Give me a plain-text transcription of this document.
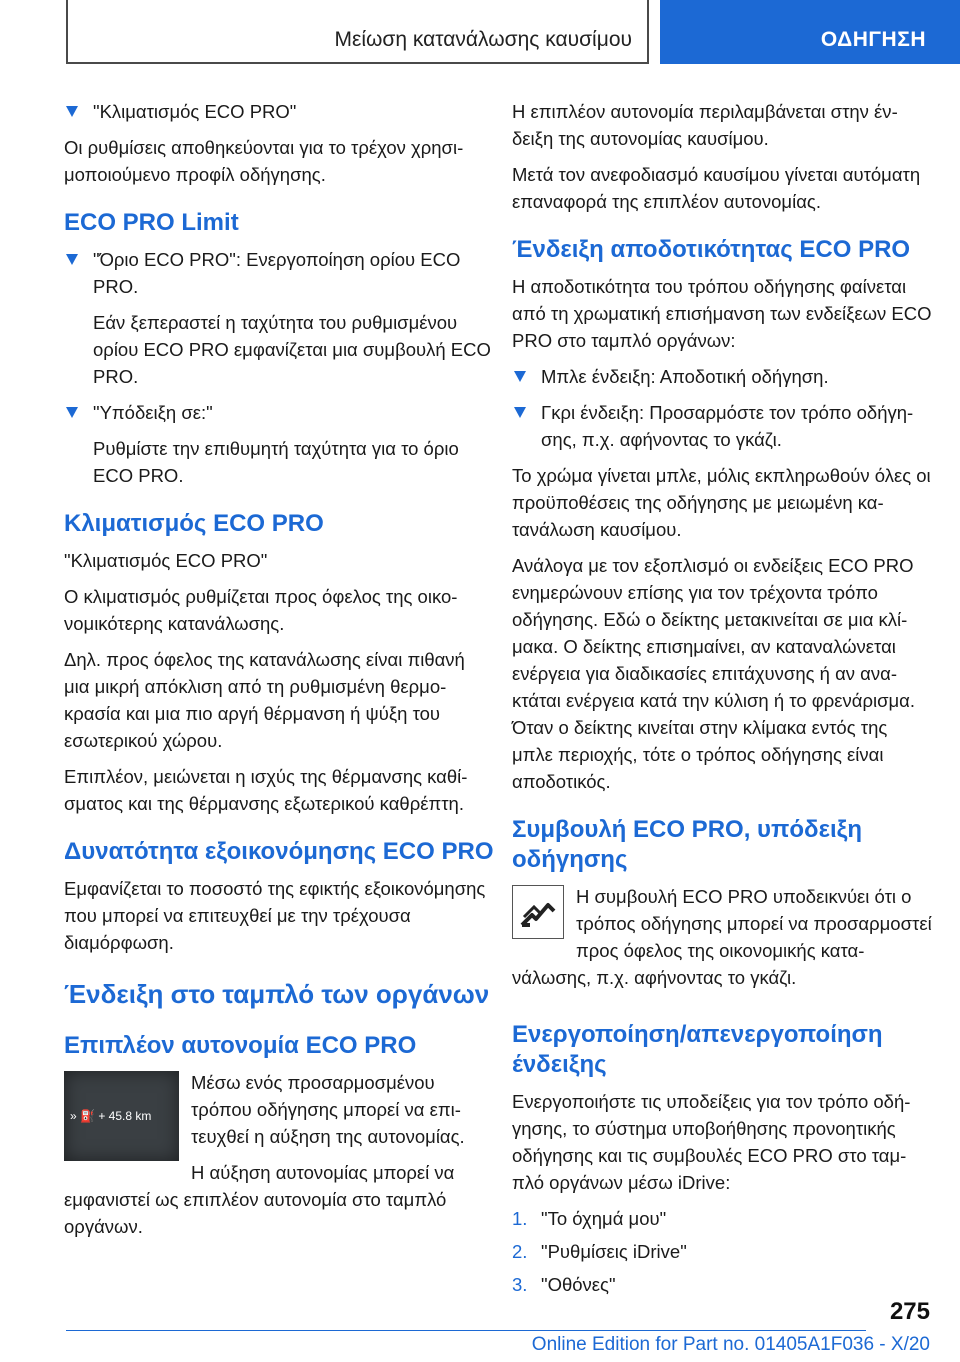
Μείωση κατανάλωσης καυσίμου	ΟΔΗΓΗΣΗ

"Κλιματισμός ECO PRO"

Οι ρυθμίσεις αποθηκεύονται για το τρέχον χρησιμοποιούμενο προφίλ οδήγησης.

ECO PRO Limit

"Όριο ECO PRO": Ενεργοποίηση ορίου ECO PRO.

Εάν ξεπεραστεί η ταχύτητα του ρυθμισμένου ορίου ECO PRO εμφανίζεται μια συμβουλή ECO PRO.

"Υπόδειξη σε:"

Ρυθμίστε την επιθυμητή ταχύτητα για το όριο ECO PRO.

Κλιματισμός ECO PRO

"Κλιματισμός ECO PRO"

Ο κλιματισμός ρυθμίζεται προς όφελος της οικονομικότερης κατανάλωσης.

Δηλ. προς όφελος της κατανάλωσης είναι πιθανή μια μικρή απόκλιση από τη ρυθμισμένη θερμοκρασία και μια πιο αργή θέρμανση ή ψύξη του εσωτερικού χώρου.

Επιπλέον, μειώνεται η ισχύς της θέρμανσης καθίσματος και της θέρμανσης εξωτερικού καθρέπτη.

Δυνατότητα εξοικονόμησης ECO PRO

Εμφανίζεται το ποσοστό της εφικτής εξοικονόμησης που μπορεί να επιτευχθεί με την τρέχουσα διαμόρφωση.

Ένδειξη στο ταμπλό των οργάνων
Επιπλέον αυτονομία ECO PRO
» ⛽ + 45.8 km

Μέσω ενός προσαρμοσμένου τρόπου οδήγησης μπορεί να επιτευχθεί η αύξηση της αυτονομίας.

Η αύξηση αυτονομίας μπορεί να εμφανιστεί ως επιπλέον αυτονομία στο ταμπλό οργάνων.

Η επιπλέον αυτονομία περιλαμβάνεται στην ένδειξη της αυτονομίας καυσίμου.

Μετά τον ανεφοδιασμό καυσίμου γίνεται αυτόματη επαναφορά της επιπλέον αυτονομίας.

Ένδειξη αποδοτικότητας ECO PRO

Η αποδοτικότητα του τρόπου οδήγησης φαίνεται από τη χρωματική επισήμανση των ενδείξεων ECO PRO στο ταμπλό οργάνων:

Μπλε ένδειξη: Αποδοτική οδήγηση.

Γκρι ένδειξη: Προσαρμόστε τον τρόπο οδήγησης, π.χ. αφήνοντας το γκάζι.

Το χρώμα γίνεται μπλε, μόλις εκπληρωθούν όλες οι προϋποθέσεις της οδήγησης με μειωμένη κατανάλωση καυσίμου.

Ανάλογα με τον εξοπλισμό οι ενδείξεις ECO PRO ενημερώνουν επίσης για τον τρέχοντα τρόπο οδήγησης. Εδώ ο δείκτης μετακινείται σε μια κλίμακα. Ο δείκτης επισημαίνει, αν καταναλώνεται ενέργεια για διαδικασίες επιτάχυνσης ή αν ανακτάται ενέργεια κατά την κύλιση ή το φρενάρισμα. Όταν ο δείκτης κινείται στην κλίμακα εντός της μπλε περιοχής, τότε ο τρόπος οδήγησης είναι αποδοτικός.

Συμβουλή ECO PRO, υπόδειξη οδήγησης

Η συμβουλή ECO PRO υποδεικνύει ότι ο τρόπος οδήγησης μπορεί να προσαρμοστεί προς όφελος της οικονομικής κατανάλωσης, π.χ. αφήνοντας το γκάζι.

Ενεργοποίηση/απενεργοποίηση ένδειξης

Ενεργοποιήστε τις υποδείξεις για τον τρόπο οδήγησης, το σύστημα υποβοήθησης προνοητικής οδήγησης και τις συμβουλές ECO PRO στο ταμπλό οργάνων μέσω iDrive:

1. "Το όχημά μου"

2. "Ρυθμίσεις iDrive"

3. "Οθόνες"

275
Online Edition for Part no. 01405A1F036 - X/20
